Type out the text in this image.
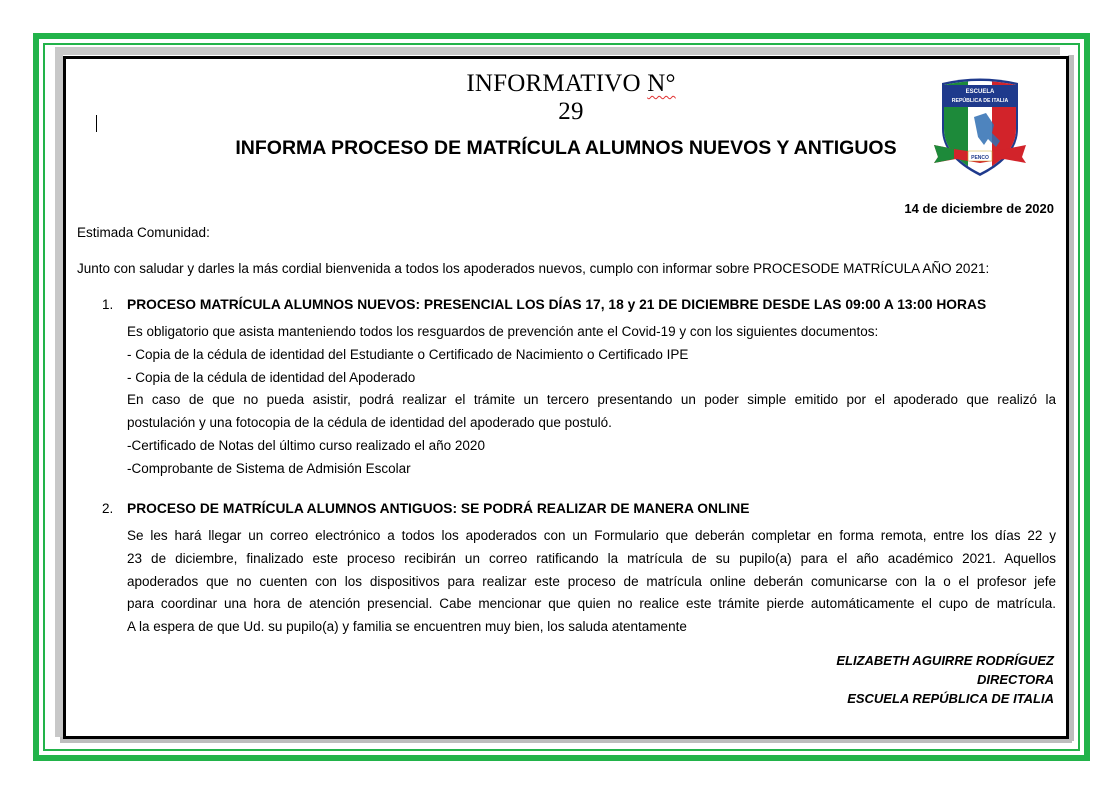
INFORMATIVO N° 29
INFORMA PROCESO DE MATRÍCULA ALUMNOS NUEVOS Y ANTIGUOS
ESCUELA
REPÚBLICA DE ITALIA
PENCO
14 de diciembre de 2020
Estimada Comunidad:
Junto con saludar y darles la más cordial bienvenida a todos los apoderados nuevos, cumplo con informar sobre PROCESODE MATRÍCULA AÑO 2021:
1. PROCESO MATRÍCULA ALUMNOS NUEVOS: PRESENCIAL LOS DÍAS 17, 18 y 21 DE DICIEMBRE DESDE LAS 09:00 A 13:00 HORAS
Es obligatorio que asista manteniendo todos los resguardos de prevención ante el Covid-19 y con los siguientes documentos:
- Copia de la cédula de identidad del Estudiante o Certificado de Nacimiento o Certificado IPE
- Copia de la cédula de identidad del Apoderado
En caso de que no pueda asistir, podrá realizar el trámite un tercero presentando un poder simple emitido por el apoderado que realizó la
postulación y una fotocopia de la cédula de identidad del apoderado que postuló.
-Certificado de Notas del último curso realizado el año 2020
-Comprobante de Sistema de Admisión Escolar
2. PROCESO DE MATRÍCULA ALUMNOS ANTIGUOS: SE PODRÁ REALIZAR DE MANERA ONLINE
Se les hará llegar un correo electrónico a todos los apoderados con un Formulario que deberán completar en forma remota, entre los días 22 y
23 de diciembre, finalizado este proceso recibirán un correo ratificando la matrícula de su pupilo(a) para el año académico 2021. Aquellos
apoderados que no cuenten con los dispositivos para realizar este proceso de matrícula online deberán comunicarse con la o el profesor jefe
para coordinar una hora de atención presencial. Cabe mencionar que quien no realice este trámite pierde automáticamente el cupo de matrícula.
A la espera de que Ud. su pupilo(a) y familia se encuentren muy bien, los saluda atentamente
ELIZABETH AGUIRRE RODRÍGUEZ
DIRECTORA
ESCUELA REPÚBLICA DE ITALIA
